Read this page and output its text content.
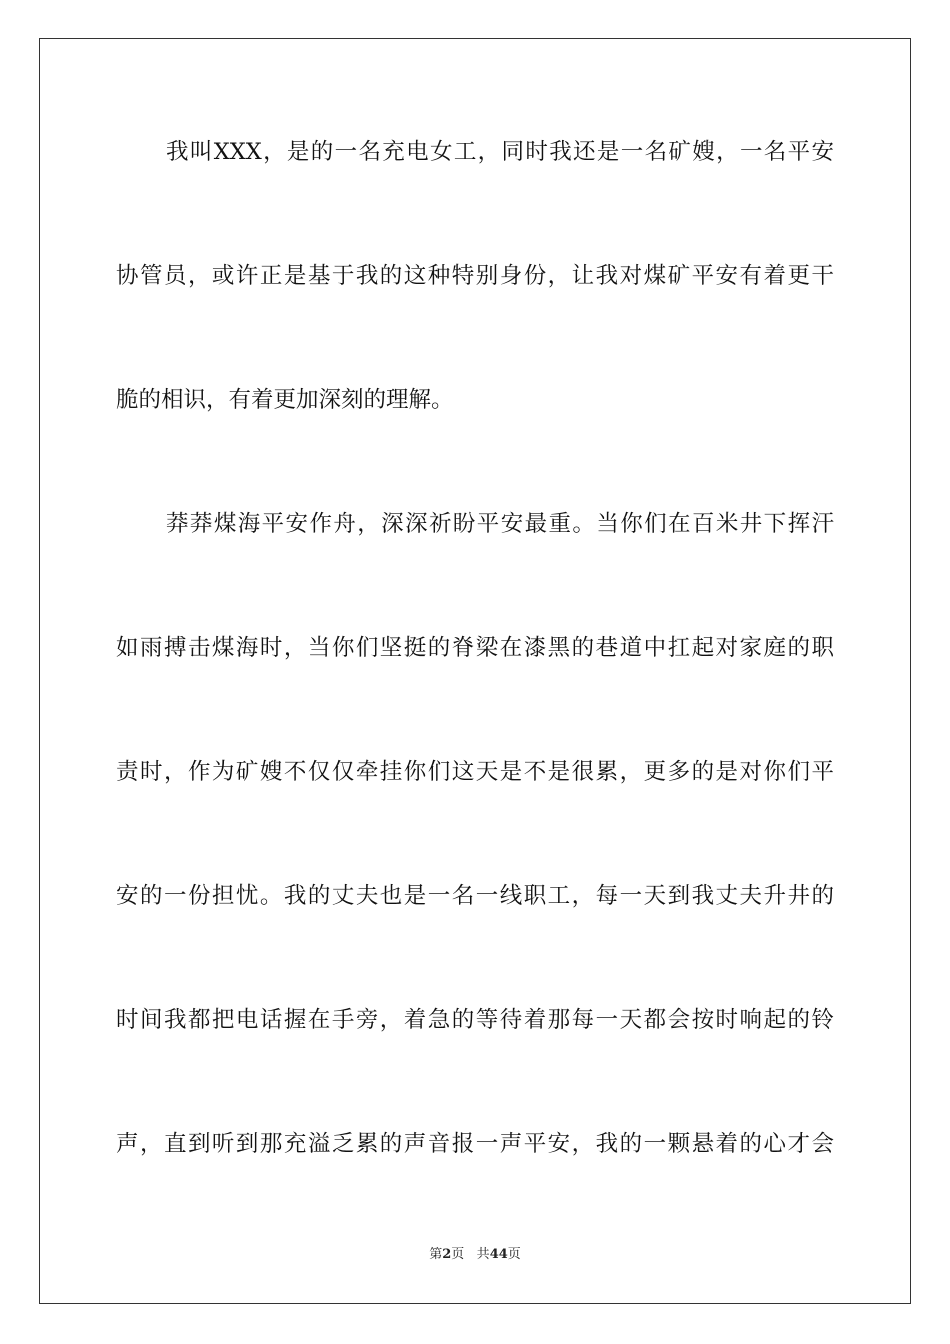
我叫XXX，是的一名充电女工，同时我还是一名矿嫂，一名平安
协管员，或许正是基于我的这种特别身份，让我对煤矿平安有着更干
脆的相识，有着更加深刻的理解。
莽莽煤海平安作舟，深深祈盼平安最重。当你们在百米井下挥汗
如雨搏击煤海时，当你们坚挺的脊梁在漆黑的巷道中扛起对家庭的职
责时，作为矿嫂不仅仅牵挂你们这天是不是很累，更多的是对你们平
安的一份担忧。我的丈夫也是一名一线职工，每一天到我丈夫升井的
时间我都把电话握在手旁，着急的等待着那每一天都会按时响起的铃
声，直到听到那充溢乏累的声音报一声平安，我的一颗悬着的心才会
第2页 共44页
